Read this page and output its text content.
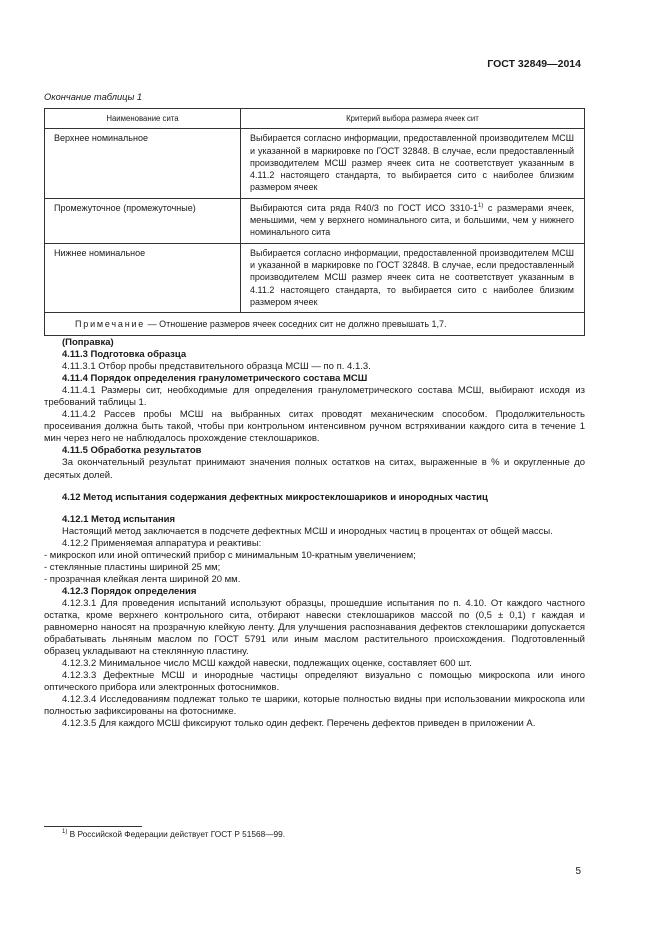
ГОСТ 32849—2014
Окончание таблицы 1
Наименование сита	Критерий выбора размера ячеек сит
Верхнее номинальное	Выбирается согласно информации, предоставленной производителем МСШ и указанной в маркировке по ГОСТ 32848. В случае, если предоставленный производителем МСШ размер ячеек сита не соответствует указанным в 4.11.2 настоящего стандарта, то выбирается сито с наиболее близким размером ячеек
Промежуточное (промежуточные)	Выбираются сита ряда R40/3 по ГОСТ ИСО 3310-1$^{1)}$ с размерами ячеек, меньшими, чем у верхнего номинального сита, и большими, чем у нижнего номинального сита
Нижнее номинальное	Выбирается согласно информации, предоставленной производителем МСШ и указанной в маркировке по ГОСТ 32848. В случае, если предоставленный производителем МСШ размер ячеек сита не соответствует указанным в 4.11.2 настоящего стандарта, то выбирается сито с наиболее близким размером ячеек
Примечание — Отношение размеров ячеек соседних сит не должно превышать 1,7.	

(Поправка)

4.11.3 Подготовка образца

4.11.3.1 Отбор пробы представительного образца МСШ — по п. 4.1.3.

4.11.4 Порядок определения гранулометрического состава МСШ

4.11.4.1 Размеры сит, необходимые для определения гранулометрического состава МСШ, выбирают исходя из требований таблицы 1.

4.11.4.2 Рассев пробы МСШ на выбранных ситах проводят механическим способом. Продолжительность просеивания должна быть такой, чтобы при контрольном интенсивном ручном встряхивании каждого сита в течение 1 мин через него не наблюдалось прохождение стеклошариков.

4.11.5 Обработка результатов

За окончательный результат принимают значения полных остатков на ситах, выраженные в % и округленные до десятых долей.

4.12 Метод испытания содержания дефектных микростеклошариков и инородных частиц

4.12.1 Метод испытания

Настоящий метод заключается в подсчете дефектных МСШ и инородных частиц в процентах от общей массы.

4.12.2 Применяемая аппаратура и реактивы:

- микроскоп или иной оптический прибор с минимальным 10-кратным увеличением;

- стеклянные пластины шириной 25 мм;

- прозрачная клейкая лента шириной 20 мм.

4.12.3 Порядок определения

4.12.3.1 Для проведения испытаний используют образцы, прошедшие испытания по п. 4.10. От каждого частного остатка, кроме верхнего контрольного сита, отбирают навески стеклошариков массой по (0,5 ± 0,1) г каждая и равномерно наносят на прозрачную клейкую ленту. Для улучшения распознавания дефектов стеклошарики допускается обрабатывать льняным маслом по ГОСТ 5791 или иным маслом растительного происхождения. Подготовленный образец укладывают на стеклянную пластину.

4.12.3.2 Минимальное число МСШ каждой навески, подлежащих оценке, составляет 600 шт.

4.12.3.3 Дефектные МСШ и инородные частицы определяют визуально с помощью микроскопа или иного оптического прибора или электронных фотоснимков.

4.12.3.4 Исследованиям подлежат только те шарики, которые полностью видны при использовании микроскопа или полностью зафиксированы на фотоснимке.

4.12.3.5 Для каждого МСШ фиксируют только один дефект. Перечень дефектов приведен в приложении А.

$^{1)}$ В Российской Федерации действует ГОСТ Р 51568—99.
5
